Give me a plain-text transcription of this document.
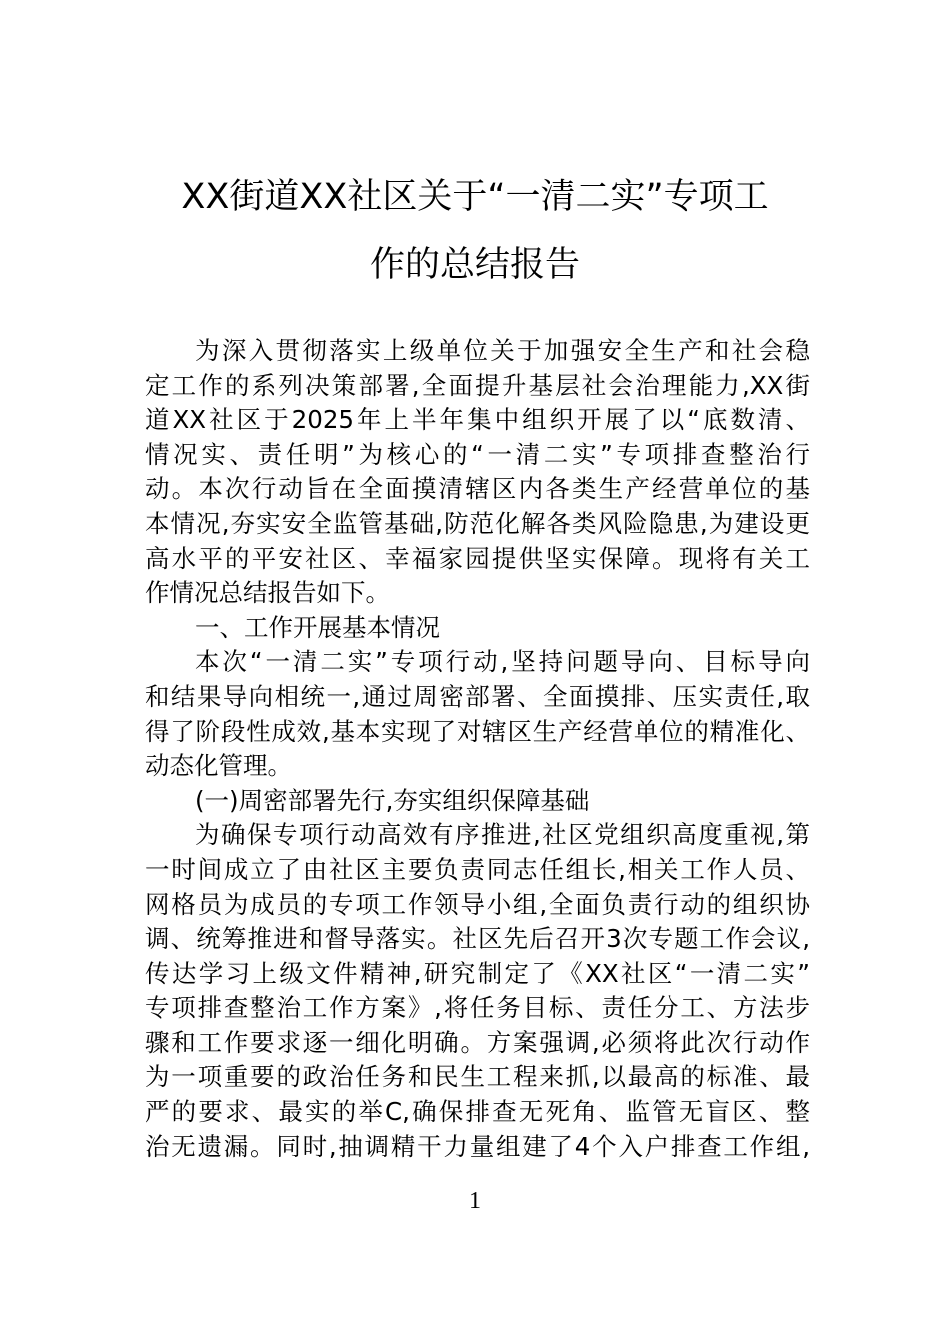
XX街道XX社区关于“一清二实”专项工
作的总结报告
为深入贯彻落实上级单位关于加强安全生产和社会稳
定工作的系列决策部署,全面提升基层社会治理能力,XX街
道XX社区于2025年上半年集中组织开展了以“底数清、
情况实、责任明”为核心的“一清二实”专项排查整治行
动。本次行动旨在全面摸清辖区内各类生产经营单位的基
本情况,夯实安全监管基础,防范化解各类风险隐患,为建设更
高水平的平安社区、幸福家园提供坚实保障。现将有关工
作情况总结报告如下。
一、工作开展基本情况
本次“一清二实”专项行动,坚持问题导向、目标导向
和结果导向相统一,通过周密部署、全面摸排、压实责任,取
得了阶段性成效,基本实现了对辖区生产经营单位的精准化、
动态化管理。
(一)周密部署先行,夯实组织保障基础
为确保专项行动高效有序推进,社区党组织高度重视,第
一时间成立了由社区主要负责同志任组长,相关工作人员、
网格员为成员的专项工作领导小组,全面负责行动的组织协
调、统筹推进和督导落实。社区先后召开3次专题工作会议,
传达学习上级文件精神,研究制定了《XX社区“一清二实”
专项排查整治工作方案》,将任务目标、责任分工、方法步
骤和工作要求逐一细化明确。方案强调,必须将此次行动作
为一项重要的政治任务和民生工程来抓,以最高的标准、最
严的要求、最实的举C,确保排查无死角、监管无盲区、整
治无遗漏。同时,抽调精干力量组建了4个入户排查工作组,
1
